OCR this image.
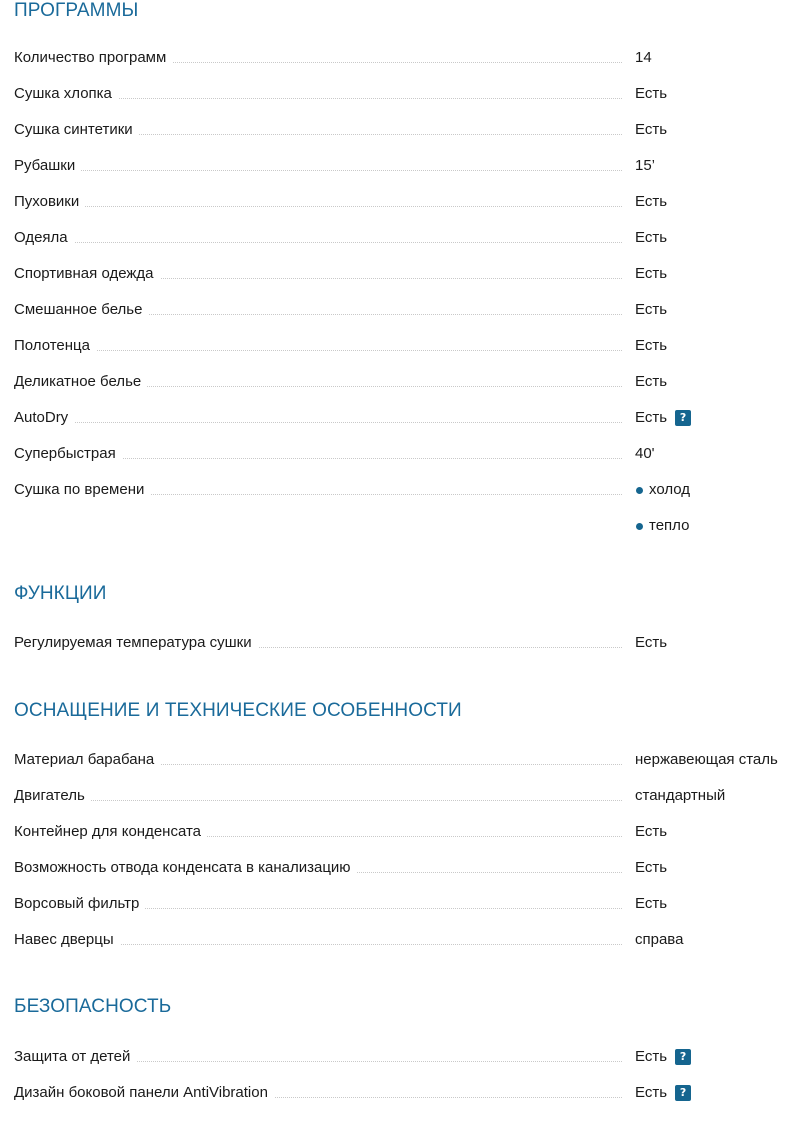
ПРОГРАММЫ
Количество программ	14
Сушка хлопка	Есть
Сушка синтетики	Есть
Рубашки	15’
Пуховики	Есть
Одеяла	Есть
Спортивная одежда	Есть
Смешанное белье	Есть
Полотенца	Есть
Деликатное белье	Есть
AutoDry	Есть	?
Супербыстрая	40'
Сушка по времени	холод
тепло
ФУНКЦИИ
Регулируемая температура сушки	Есть
ОСНАЩЕНИЕ И ТЕХНИЧЕСКИЕ ОСОБЕННОСТИ
Материал барабана	нержавеющая сталь
Двигатель	стандартный
Контейнер для конденсата	Есть
Возможность отвода конденсата в канализацию	Есть
Ворсовый фильтр	Есть
Навес дверцы	справа
БЕЗОПАСНОСТЬ
Защита от детей	Есть	?
Дизайн боковой панели AntiVibration	Есть	?
